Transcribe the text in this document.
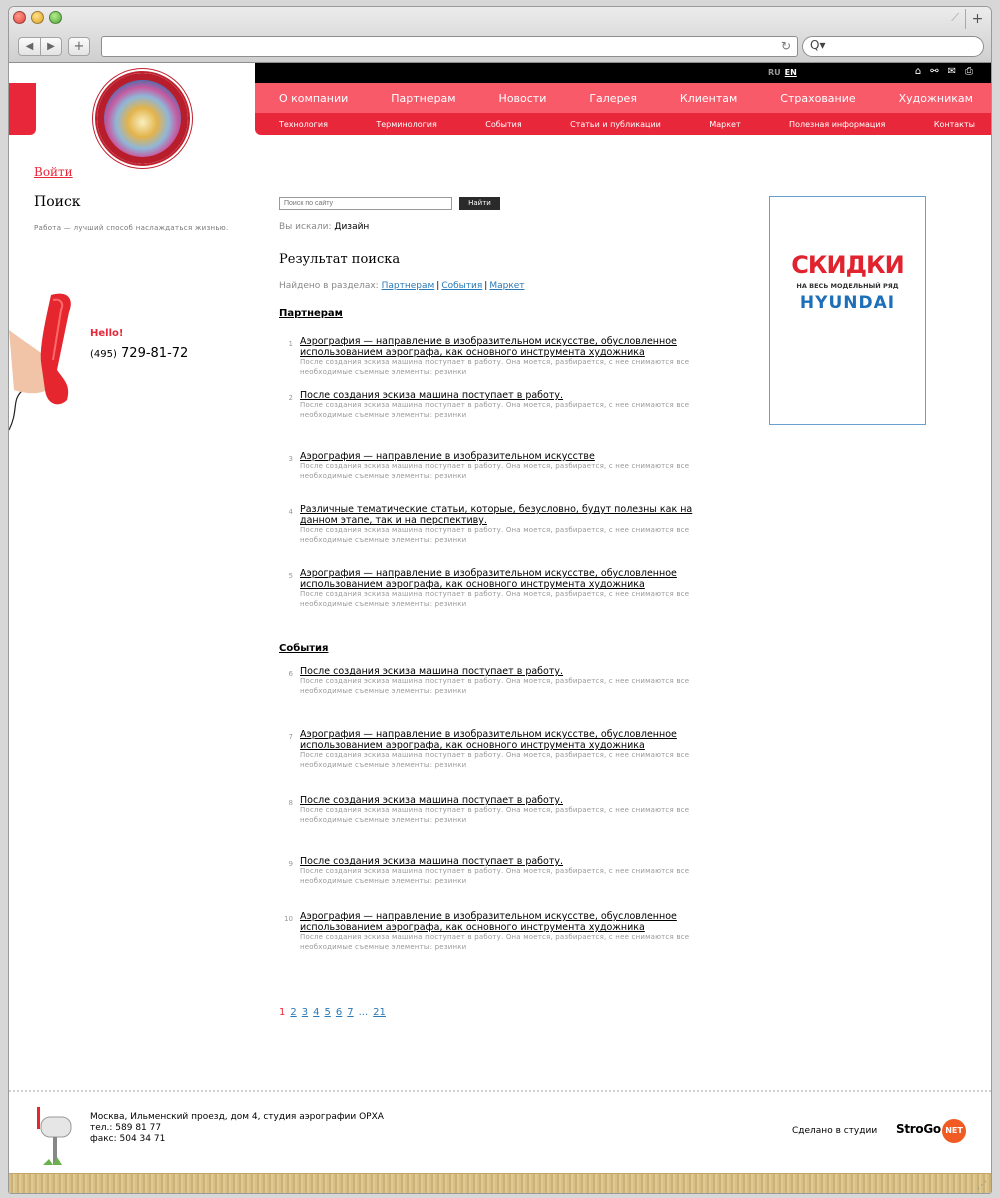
⟋ +
◀	▶	+	↻ Q▾
RU EN	⌂ ⚯ ✉ ⎙
О компании	Партнерам	Новости	Галерея	Клиентам	Страхование	Художникам
Технология	Терминология	События	Статьи и публикации	Маркет	Полезная информация	Контакты
Войти
Поиск
Работа — лучший способ наслаждаться жизнью.
Hello!
(495) 729-81-72
Поиск по сайту
Найти
Вы искали: Дизайн
Результат поиска
Найдено в разделах: Партнерам | События | Маркет
Партнерам
1 Аэрография — направление в изобразительном искусстве, обусловленное использованием аэрографа, как основного инструмента художника
После создания эскиза машина поступает в работу. Она моется, разбирается, с нее снимаются все необходимые съемные элементы: резинки
2 После создания эскиза машина поступает в работу.
После создания эскиза машина поступает в работу. Она моется, разбирается, с нее снимаются все необходимые съемные элементы: резинки
3 Аэрография — направление в изобразительном искусстве
После создания эскиза машина поступает в работу. Она моется, разбирается, с нее снимаются все необходимые съемные элементы: резинки
4 Различные тематические статьи, которые, безусловно, будут полезны как на данном этапе, так и на перспективу.
После создания эскиза машина поступает в работу. Она моется, разбирается, с нее снимаются все необходимые съемные элементы: резинки
5 Аэрография — направление в изобразительном искусстве, обусловленное использованием аэрографа, как основного инструмента художника
После создания эскиза машина поступает в работу. Она моется, разбирается, с нее снимаются все необходимые съемные элементы: резинки
События
6 После создания эскиза машина поступает в работу.
После создания эскиза машина поступает в работу. Она моется, разбирается, с нее снимаются все необходимые съемные элементы: резинки
7 Аэрография — направление в изобразительном искусстве, обусловленное использованием аэрографа, как основного инструмента художника
После создания эскиза машина поступает в работу. Она моется, разбирается, с нее снимаются все необходимые съемные элементы: резинки
8 После создания эскиза машина поступает в работу.
После создания эскиза машина поступает в работу. Она моется, разбирается, с нее снимаются все необходимые съемные элементы: резинки
9 После создания эскиза машина поступает в работу.
После создания эскиза машина поступает в работу. Она моется, разбирается, с нее снимаются все необходимые съемные элементы: резинки
10 Аэрография — направление в изобразительном искусстве, обусловленное использованием аэрографа, как основного инструмента художника
После создания эскиза машина поступает в работу. Она моется, разбирается, с нее снимаются все необходимые съемные элементы: резинки
1 2 3 4 5 6 7 ... 21
СКИДКИ
НА ВЕСЬ МОДЕЛЬНЫЙ РЯД
HYUNDAI
Москва, Ильменский проезд, дом 4, студия аэрографии ОРХА
тел.: 589 81 77
факс: 504 34 71
Сделано в студии StroGo NET
⋰
